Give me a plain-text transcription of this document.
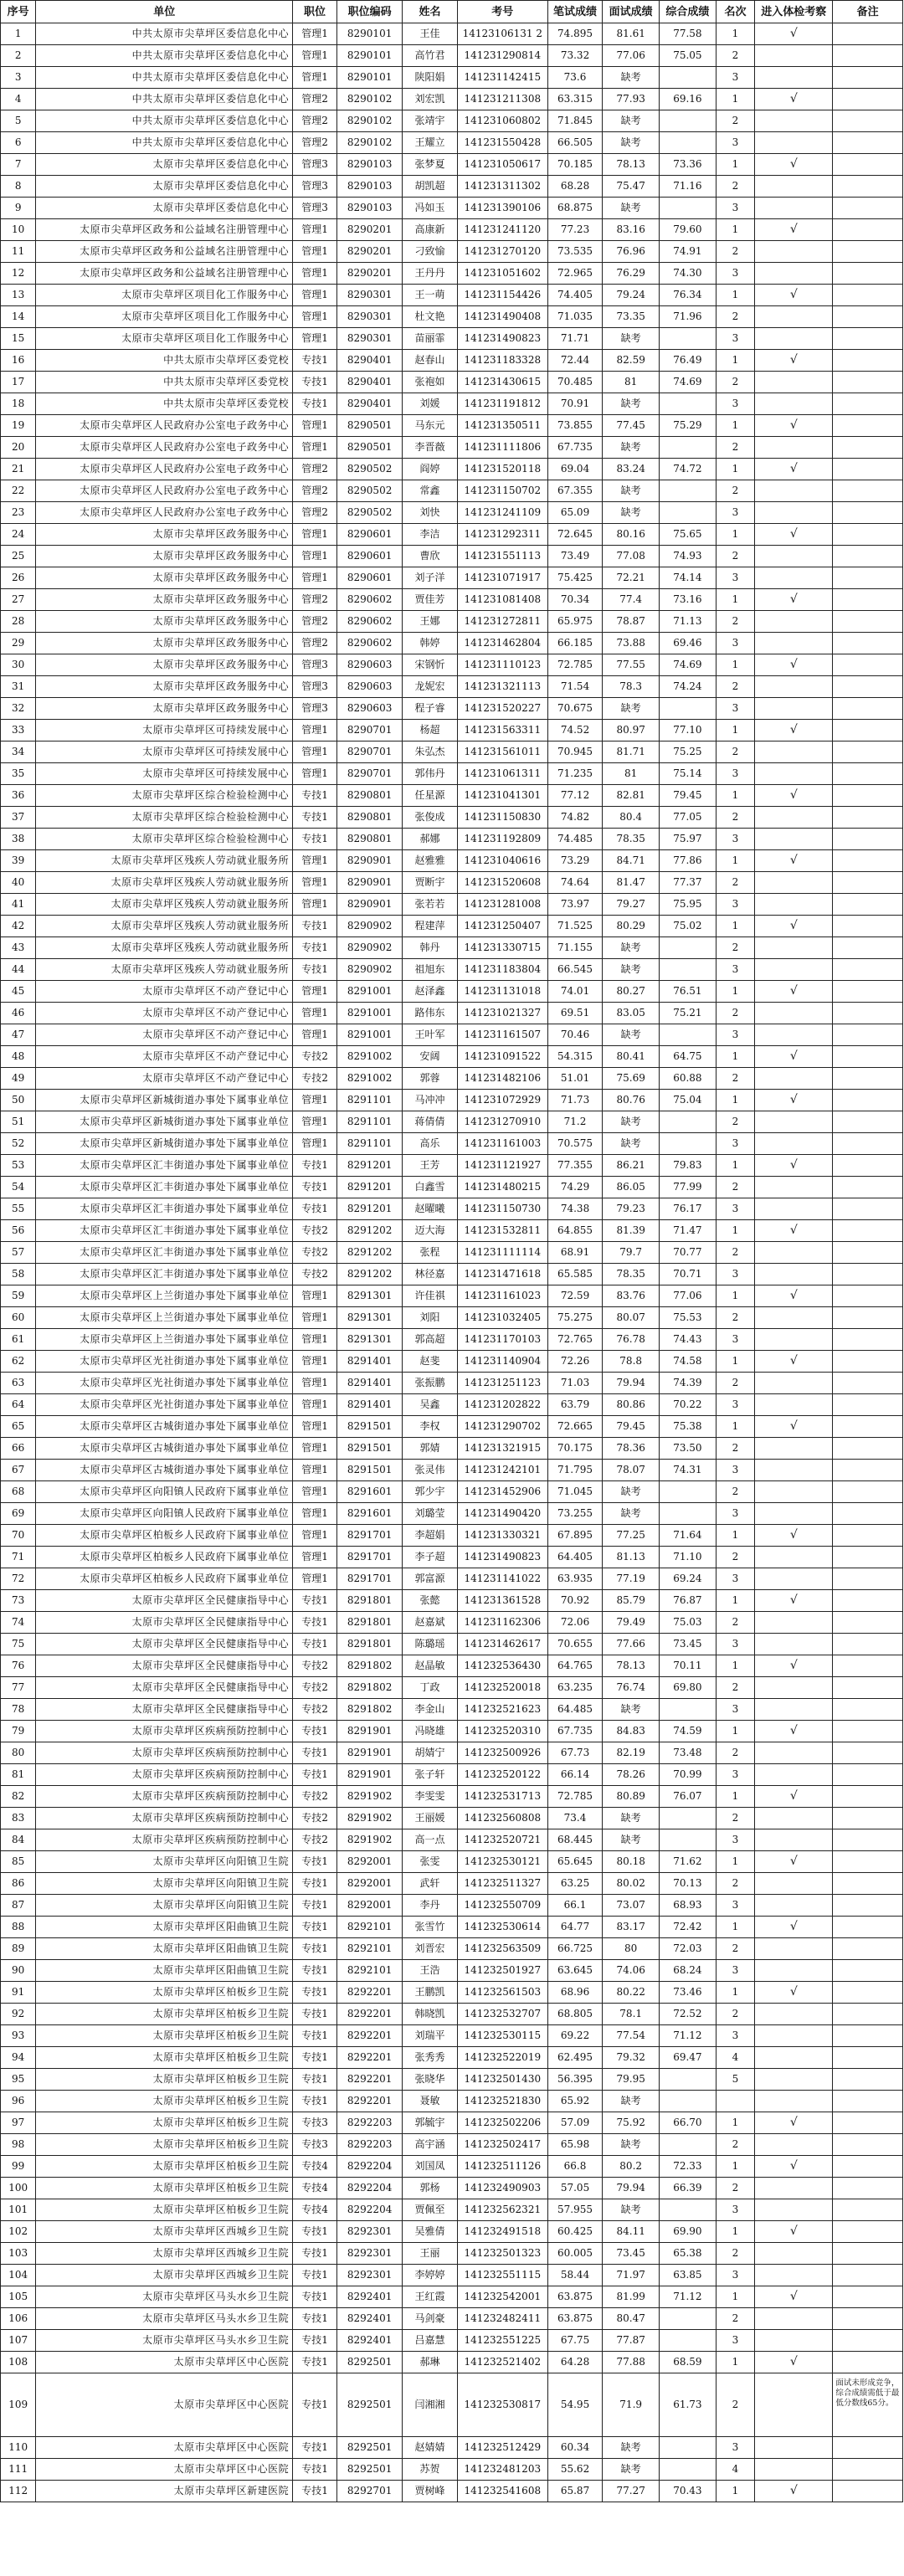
序号	单位	职位	职位编码	姓名	考号	笔试成绩	面试成绩	综合成绩	名次	进入体检考察	备注
1	中共太原市尖草坪区委信息化中心	管理1	8290101	王佳	14123106131 2	74.895	81.61	77.58	1	√	
2	中共太原市尖草坪区委信息化中心	管理1	8290101	高竹君	141231290814	73.32	77.06	75.05	2		
3	中共太原市尖草坪区委信息化中心	管理1	8290101	陕阳娟	141231142415	73.6	缺考		3		
4	中共太原市尖草坪区委信息化中心	管理2	8290102	刘宏凯	141231211308	63.315	77.93	69.16	1	√	
5	中共太原市尖草坪区委信息化中心	管理2	8290102	张靖宇	141231060802	71.845	缺考		2		
6	中共太原市尖草坪区委信息化中心	管理2	8290102	王耀立	141231550428	66.505	缺考		3		
7	太原市尖草坪区委信息化中心	管理3	8290103	张梦夏	141231050617	70.185	78.13	73.36	1	√	
8	太原市尖草坪区委信息化中心	管理3	8290103	胡凯超	141231311302	68.28	75.47	71.16	2		
9	太原市尖草坪区委信息化中心	管理3	8290103	冯如玉	141231390106	68.875	缺考		3		
10	太原市尖草坪区政务和公益域名注册管理中心	管理1	8290201	高康新	141231241120	77.23	83.16	79.60	1	√	
11	太原市尖草坪区政务和公益域名注册管理中心	管理1	8290201	刁致愉	141231270120	73.535	76.96	74.91	2		
12	太原市尖草坪区政务和公益域名注册管理中心	管理1	8290201	王丹丹	141231051602	72.965	76.29	74.30	3		
13	太原市尖草坪区项目化工作服务中心	管理1	8290301	王一萌	141231154426	74.405	79.24	76.34	1	√	
14	太原市尖草坪区项目化工作服务中心	管理1	8290301	杜文艳	141231490408	71.035	73.35	71.96	2		
15	太原市尖草坪区项目化工作服务中心	管理1	8290301	苗丽霏	141231490823	71.71	缺考		3		
16	中共太原市尖草坪区委党校	专技1	8290401	赵春山	141231183328	72.44	82.59	76.49	1	√	
17	中共太原市尖草坪区委党校	专技1	8290401	张袍如	141231430615	70.485	81	74.69	2		
18	中共太原市尖草坪区委党校	专技1	8290401	刘媛	141231191812	70.91	缺考		3		
19	太原市尖草坪区人民政府办公室电子政务中心	管理1	8290501	马东元	141231350511	73.855	77.45	75.29	1	√	
20	太原市尖草坪区人民政府办公室电子政务中心	管理1	8290501	李晋薇	141231111806	67.735	缺考		2		
21	太原市尖草坪区人民政府办公室电子政务中心	管理2	8290502	阎婷	141231520118	69.04	83.24	74.72	1	√	
22	太原市尖草坪区人民政府办公室电子政务中心	管理2	8290502	常鑫	141231150702	67.355	缺考		2		
23	太原市尖草坪区人民政府办公室电子政务中心	管理2	8290502	刘快	141231241109	65.09	缺考		3		
24	太原市尖草坪区政务服务中心	管理1	8290601	李洁	141231292311	72.645	80.16	75.65	1	√	
25	太原市尖草坪区政务服务中心	管理1	8290601	曹欣	141231551113	73.49	77.08	74.93	2		
26	太原市尖草坪区政务服务中心	管理1	8290601	刘子洋	141231071917	75.425	72.21	74.14	3		
27	太原市尖草坪区政务服务中心	管理2	8290602	贾佳芳	141231081408	70.34	77.4	73.16	1	√	
28	太原市尖草坪区政务服务中心	管理2	8290602	王娜	141231272811	65.975	78.87	71.13	2		
29	太原市尖草坪区政务服务中心	管理2	8290602	韩婷	141231462804	66.185	73.88	69.46	3		
30	太原市尖草坪区政务服务中心	管理3	8290603	宋钢忻	141231110123	72.785	77.55	74.69	1	√	
31	太原市尖草坪区政务服务中心	管理3	8290603	龙妮宏	141231321113	71.54	78.3	74.24	2		
32	太原市尖草坪区政务服务中心	管理3	8290603	程子睿	141231520227	70.675	缺考		3		
33	太原市尖草坪区可持续发展中心	管理1	8290701	杨超	141231563311	74.52	80.97	77.10	1	√	
34	太原市尖草坪区可持续发展中心	管理1	8290701	朱弘杰	141231561011	70.945	81.71	75.25	2		
35	太原市尖草坪区可持续发展中心	管理1	8290701	郭伟丹	141231061311	71.235	81	75.14	3		
36	太原市尖草坪区综合检验检测中心	专技1	8290801	任星源	141231041301	77.12	82.81	79.45	1	√	
37	太原市尖草坪区综合检验检测中心	专技1	8290801	张俊成	141231150830	74.82	80.4	77.05	2		
38	太原市尖草坪区综合检验检测中心	专技1	8290801	郝娜	141231192809	74.485	78.35	75.97	3		
39	太原市尖草坪区残疾人劳动就业服务所	管理1	8290901	赵雅雅	141231040616	73.29	84.71	77.86	1	√	
40	太原市尖草坪区残疾人劳动就业服务所	管理1	8290901	贾断宇	141231520608	74.64	81.47	77.37	2		
41	太原市尖草坪区残疾人劳动就业服务所	管理1	8290901	张若若	141231281008	73.97	79.27	75.95	3		
42	太原市尖草坪区残疾人劳动就业服务所	专技1	8290902	程建萍	141231250407	71.525	80.29	75.02	1	√	
43	太原市尖草坪区残疾人劳动就业服务所	专技1	8290902	韩丹	141231330715	71.155	缺考		2		
44	太原市尖草坪区残疾人劳动就业服务所	专技1	8290902	祖旭东	141231183804	66.545	缺考		3		
45	太原市尖草坪区不动产登记中心	管理1	8291001	赵泽鑫	141231131018	74.01	80.27	76.51	1	√	
46	太原市尖草坪区不动产登记中心	管理1	8291001	路伟东	141231021327	69.51	83.05	75.21	2		
47	太原市尖草坪区不动产登记中心	管理1	8291001	王叶军	141231161507	70.46	缺考		3		
48	太原市尖草坪区不动产登记中心	专技2	8291002	安阔	141231091522	54.315	80.41	64.75	1	√	
49	太原市尖草坪区不动产登记中心	专技2	8291002	郭蓉	141231482106	51.01	75.69	60.88	2		
50	太原市尖草坪区新城街道办事处下属事业单位	管理1	8291101	马冲冲	141231072929	71.73	80.76	75.04	1	√	
51	太原市尖草坪区新城街道办事处下属事业单位	管理1	8291101	蒋倩倩	141231270910	71.2	缺考		2		
52	太原市尖草坪区新城街道办事处下属事业单位	管理1	8291101	高乐	141231161003	70.575	缺考		3		
53	太原市尖草坪区汇丰街道办事处下属事业单位	专技1	8291201	王芳	141231121927	77.355	86.21	79.83	1	√	
54	太原市尖草坪区汇丰街道办事处下属事业单位	专技1	8291201	白鑫雪	141231480215	74.29	86.05	77.99	2		
55	太原市尖草坪区汇丰街道办事处下属事业单位	专技1	8291201	赵曜曦	141231150730	74.38	79.23	76.17	3		
56	太原市尖草坪区汇丰街道办事处下属事业单位	专技2	8291202	迈大海	141231532811	64.855	81.39	71.47	1	√	
57	太原市尖草坪区汇丰街道办事处下属事业单位	专技2	8291202	张程	141231111114	68.91	79.7	70.77	2		
58	太原市尖草坪区汇丰街道办事处下属事业单位	专技2	8291202	林径嘉	141231471618	65.585	78.35	70.71	3		
59	太原市尖草坪区上兰街道办事处下属事业单位	管理1	8291301	许佳祺	141231161023	72.59	83.76	77.06	1	√	
60	太原市尖草坪区上兰街道办事处下属事业单位	管理1	8291301	刘阳	141231032405	75.275	80.07	75.53	2		
61	太原市尖草坪区上兰街道办事处下属事业单位	管理1	8291301	郭高超	141231170103	72.765	76.78	74.43	3		
62	太原市尖草坪区光社街道办事处下属事业单位	管理1	8291401	赵斐	141231140904	72.26	78.8	74.58	1	√	
63	太原市尖草坪区光社街道办事处下属事业单位	管理1	8291401	张振鹏	141231251123	71.03	79.94	74.39	2		
64	太原市尖草坪区光社街道办事处下属事业单位	管理1	8291401	吴鑫	141231202822	63.79	80.86	70.22	3		
65	太原市尖草坪区古城街道办事处下属事业单位	管理1	8291501	李权	141231290702	72.665	79.45	75.38	1	√	
66	太原市尖草坪区古城街道办事处下属事业单位	管理1	8291501	郭婧	141231321915	70.175	78.36	73.50	2		
67	太原市尖草坪区古城街道办事处下属事业单位	管理1	8291501	张灵伟	141231242101	71.795	78.07	74.31	3		
68	太原市尖草坪区向阳镇人民政府下属事业单位	管理1	8291601	郭少宇	141231452906	71.045	缺考		2		
69	太原市尖草坪区向阳镇人民政府下属事业单位	管理1	8291601	刘璐莹	141231490420	73.255	缺考		3		
70	太原市尖草坪区柏板乡人民政府下属事业单位	管理1	8291701	李超娟	141231330321	67.895	77.25	71.64	1	√	
71	太原市尖草坪区柏板乡人民政府下属事业单位	管理1	8291701	李子超	141231490823	64.405	81.13	71.10	2		
72	太原市尖草坪区柏板乡人民政府下属事业单位	管理1	8291701	郭富源	141231141022	63.935	77.19	69.24	3		
73	太原市尖草坪区全民健康指导中心	专技1	8291801	张懿	141231361528	70.92	85.79	76.87	1	√	
74	太原市尖草坪区全民健康指导中心	专技1	8291801	赵嘉斌	141231162306	72.06	79.49	75.03	2		
75	太原市尖草坪区全民健康指导中心	专技1	8291801	陈璐瑶	141231462617	70.655	77.66	73.45	3		
76	太原市尖草坪区全民健康指导中心	专技2	8291802	赵晶敏	141232536430	64.765	78.13	70.11	1	√	
77	太原市尖草坪区全民健康指导中心	专技2	8291802	丁政	141232520018	63.235	76.74	69.80	2		
78	太原市尖草坪区全民健康指导中心	专技2	8291802	李金山	141232521623	64.485	缺考		3		
79	太原市尖草坪区疾病预防控制中心	专技1	8291901	冯晓雄	141232520310	67.735	84.83	74.59	1	√	
80	太原市尖草坪区疾病预防控制中心	专技1	8291901	胡婧宁	141232500926	67.73	82.19	73.48	2		
81	太原市尖草坪区疾病预防控制中心	专技1	8291901	张子轩	141232520122	66.14	78.26	70.99	3		
82	太原市尖草坪区疾病预防控制中心	专技2	8291902	李雯雯	141232531713	72.785	80.89	76.07	1	√	
83	太原市尖草坪区疾病预防控制中心	专技2	8291902	王丽媛	141232560808	73.4	缺考		2		
84	太原市尖草坪区疾病预防控制中心	专技2	8291902	高一点	141232520721	68.445	缺考		3		
85	太原市尖草坪区向阳镇卫生院	专技1	8292001	张雯	141232530121	65.645	80.18	71.62	1	√	
86	太原市尖草坪区向阳镇卫生院	专技1	8292001	武轩	141232511327	63.25	80.02	70.13	2		
87	太原市尖草坪区向阳镇卫生院	专技1	8292001	李丹	141232550709	66.1	73.07	68.93	3		
88	太原市尖草坪区阳曲镇卫生院	专技1	8292101	张雪竹	141232530614	64.77	83.17	72.42	1	√	
89	太原市尖草坪区阳曲镇卫生院	专技1	8292101	刘晋宏	141232563509	66.725	80	72.03	2		
90	太原市尖草坪区阳曲镇卫生院	专技1	8292101	王浩	141232501927	63.645	74.06	68.24	3		
91	太原市尖草坪区柏板乡卫生院	专技1	8292201	王鹏凯	141232561503	68.96	80.22	73.46	1	√	
92	太原市尖草坪区柏板乡卫生院	专技1	8292201	韩晓凯	141232532707	68.805	78.1	72.52	2		
93	太原市尖草坪区柏板乡卫生院	专技1	8292201	刘瑞平	141232530115	69.22	77.54	71.12	3		
94	太原市尖草坪区柏板乡卫生院	专技1	8292201	张秀秀	141232522019	62.495	79.32	69.47	4		
95	太原市尖草坪区柏板乡卫生院	专技1	8292201	张晓华	141232501430	56.395	79.95		5		
96	太原市尖草坪区柏板乡卫生院	专技1	8292201	聂敏	141232521830	65.92	缺考				
97	太原市尖草坪区柏板乡卫生院	专技3	8292203	郭毓宇	141232502206	57.09	75.92	66.70	1	√	
98	太原市尖草坪区柏板乡卫生院	专技3	8292203	高宇涵	141232502417	65.98	缺考		2		
99	太原市尖草坪区柏板乡卫生院	专技4	8292204	刘国凤	141232511126	66.8	80.2	72.33	1	√	
100	太原市尖草坪区柏板乡卫生院	专技4	8292204	郭杨	141232490903	57.05	79.94	66.39	2		
101	太原市尖草坪区柏板乡卫生院	专技4	8292204	贾佩至	141232562321	57.955	缺考		3		
102	太原市尖草坪区西城乡卫生院	专技1	8292301	吴雅倩	141232491518	60.425	84.11	69.90	1	√	
103	太原市尖草坪区西城乡卫生院	专技1	8292301	王丽	141232501323	60.005	73.45	65.38	2		
104	太原市尖草坪区西城乡卫生院	专技1	8292301	李婷婷	141232551115	58.44	71.97	63.85	3		
105	太原市尖草坪区马头水乡卫生院	专技1	8292401	王红霞	141232542001	63.875	81.99	71.12	1	√	
106	太原市尖草坪区马头水乡卫生院	专技1	8292401	马剑豪	141232482411	63.875	80.47		2		
107	太原市尖草坪区马头水乡卫生院	专技1	8292401	吕嘉慧	141232551225	67.75	77.87		3		
108	太原市尖草坪区中心医院	专技1	8292501	郝琳	141232521402	64.28	77.88	68.59	1	√	
109	太原市尖草坪区中心医院	专技1	8292501	闫湘湘	141232530817	54.95	71.9	61.73	2		面试未形成竞争，综合成绩需低于最低分数线65分。
110	太原市尖草坪区中心医院	专技1	8292501	赵婧婧	141232512429	60.34	缺考		3		
111	太原市尖草坪区中心医院	专技1	8292501	苏贺	141232481203	55.62	缺考		4		
112	太原市尖草坪区新建医院	专技1	8292701	贾树峰	141232541608	65.87	77.27	70.43	1	√	
